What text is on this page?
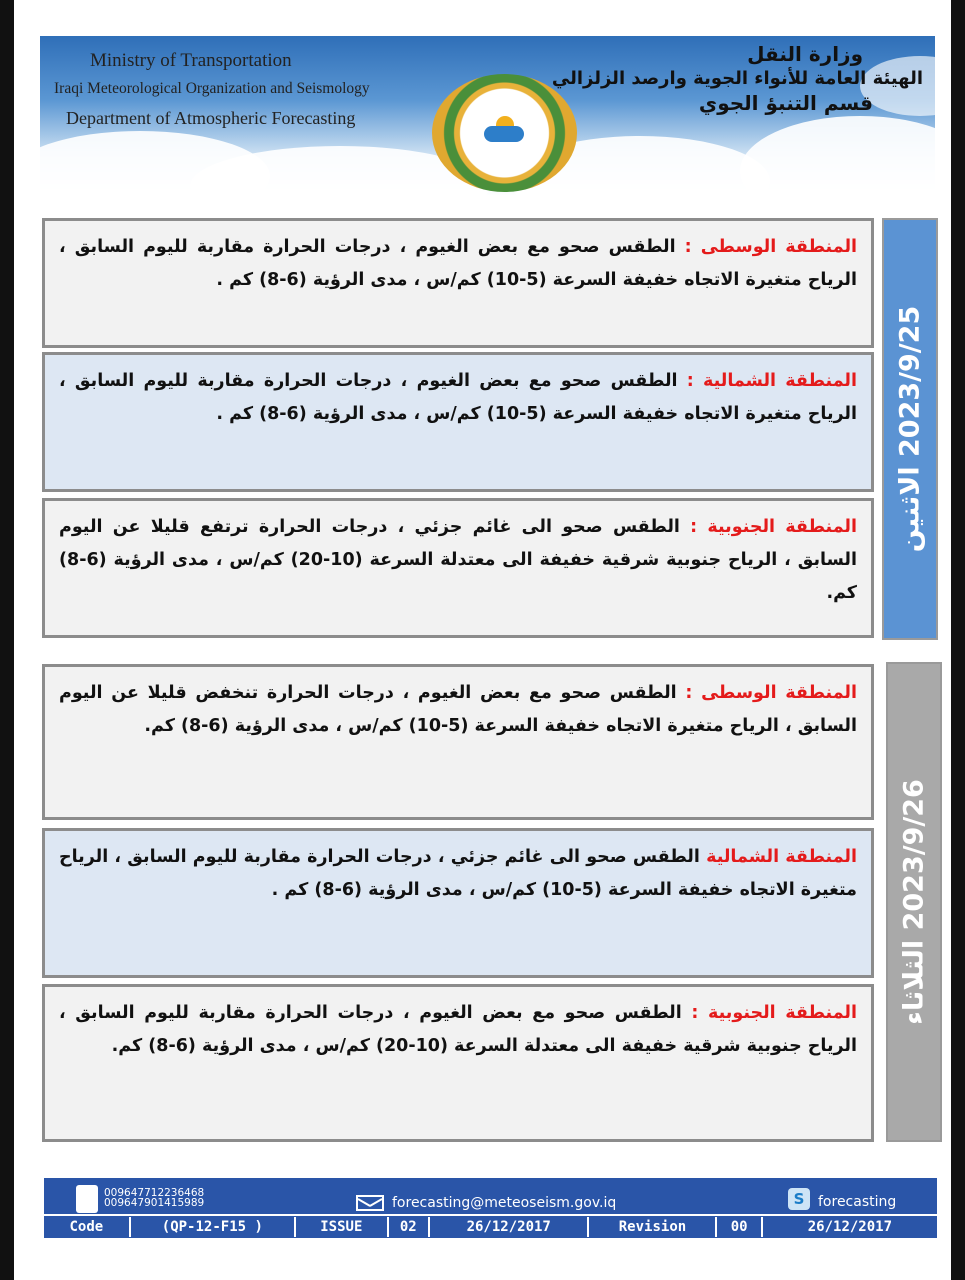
Ministry of Transportation
Iraqi Meteorological Organization and Seismology
Department of Atmospheric Forecasting
وزارة النقل
الهيئة العامة للأنواء الجوية وارصد الزلزالي
قسم التنبؤ الجوي
2023/9/25 الاثنين
المنطقة الوسطى : الطقس صحو مع بعض الغيوم ، درجات الحرارة مقاربة لليوم السابق ، الرياح متغيرة الاتجاه خفيفة السرعة (5-10) كم/س ، مدى الرؤية (6-8) كم .
المنطقة الشمالية : الطقس صحو مع بعض الغيوم ، درجات الحرارة مقاربة لليوم السابق ، الرياح متغيرة الاتجاه خفيفة السرعة (5-10) كم/س ، مدى الرؤية (6-8) كم .
المنطقة الجنوبية : الطقس صحو الى غائم جزئي ، درجات الحرارة ترتفع قليلا عن اليوم السابق ، الرياح جنوبية شرقية خفيفة الى معتدلة السرعة (10-20) كم/س ، مدى الرؤية (6-8) كم.
2023/9/26 الثلاثاء
المنطقة الوسطى : الطقس صحو مع بعض الغيوم ، درجات الحرارة تنخفض قليلا عن اليوم السابق ، الرياح متغيرة الاتجاه خفيفة السرعة (5-10) كم/س ، مدى الرؤية (6-8) كم.
المنطقة الشمالية الطقس صحو الى غائم جزئي ، درجات الحرارة مقاربة لليوم السابق ، الرياح متغيرة الاتجاه خفيفة السرعة (5-10) كم/س ، مدى الرؤية (6-8) كم .
المنطقة الجنوبية : الطقس صحو مع بعض الغيوم ، درجات الحرارة مقاربة لليوم السابق ، الرياح جنوبية شرقية خفيفة الى معتدلة السرعة (10-20) كم/س ، مدى الرؤية (6-8) كم.
009647712236468
009647901415989	forecasting@meteoseism.gov.iq	S forecasting
Code	(QP-12-F15 )	ISSUE	02	26/12/2017	Revision	00	26/12/2017
